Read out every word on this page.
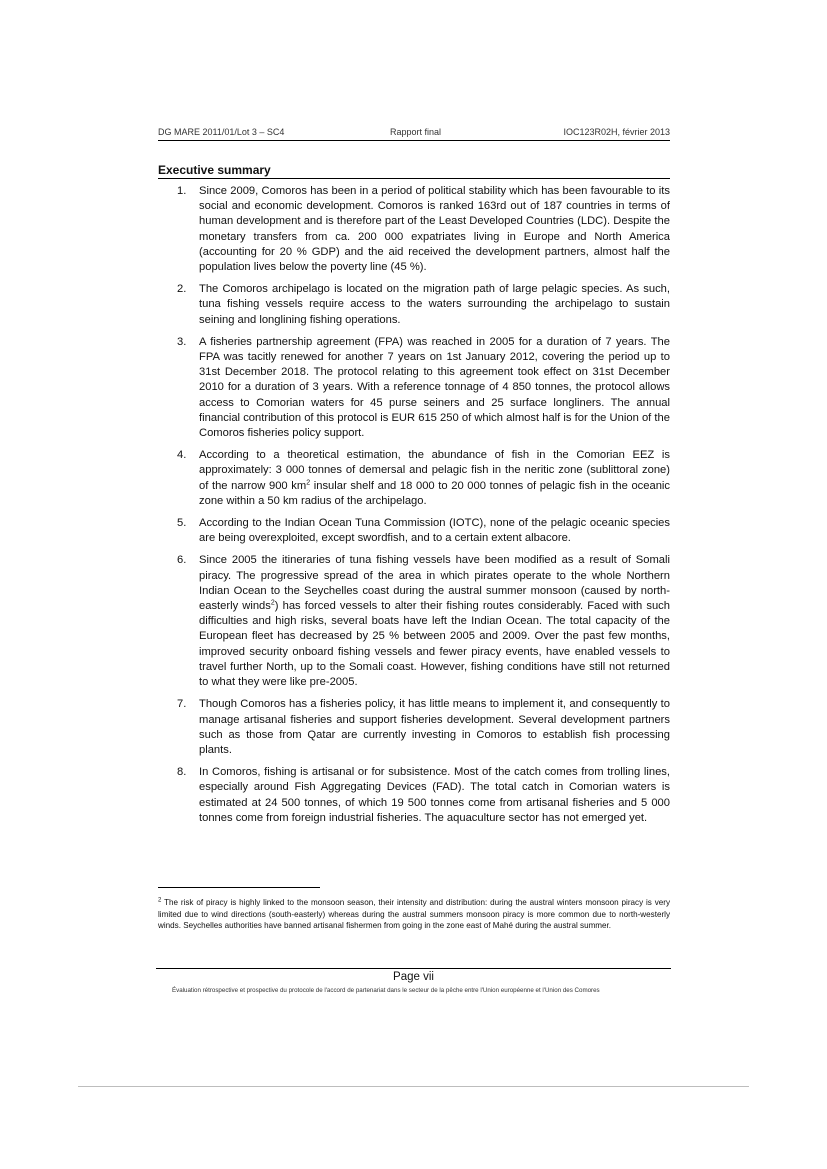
DG MARE 2011/01/Lot 3 – SC4	Rapport final	IOC123R02H, février 2013
Executive summary
1. Since 2009, Comoros has been in a period of political stability which has been favourable to its social and economic development. Comoros is ranked 163rd out of 187 countries in terms of human development and is therefore part of the Least Developed Countries (LDC). Despite the monetary transfers from ca. 200 000 expatriates living in Europe and North America (accounting for 20 % GDP) and the aid received the development partners, almost half the population lives below the poverty line (45 %).
2. The Comoros archipelago is located on the migration path of large pelagic species. As such, tuna fishing vessels require access to the waters surrounding the archipelago to sustain seining and longlining fishing operations.
3. A fisheries partnership agreement (FPA) was reached in 2005 for a duration of 7 years. The FPA was tacitly renewed for another 7 years on 1st January 2012, covering the period up to 31st December 2018. The protocol relating to this agreement took effect on 31st December 2010 for a duration of 3 years. With a reference tonnage of 4 850 tonnes, the protocol allows access to Comorian waters for 45 purse seiners and 25 surface longliners. The annual financial contribution of this protocol is EUR 615 250 of which almost half is for the Union of the Comoros fisheries policy support.
4. According to a theoretical estimation, the abundance of fish in the Comorian EEZ is approximately: 3 000 tonnes of demersal and pelagic fish in the neritic zone (sublittoral zone) of the narrow 900 $km^2$ insular shelf and 18 000 to 20 000 tonnes of pelagic fish in the oceanic zone within a 50 km radius of the archipelago.
5. According to the Indian Ocean Tuna Commission (IOTC), none of the pelagic oceanic species are being overexploited, except swordfish, and to a certain extent albacore.
6. Since 2005 the itineraries of tuna fishing vessels have been modified as a result of Somali piracy. The progressive spread of the area in which pirates operate to the whole Northern Indian Ocean to the Seychelles coast during the austral summer monsoon (caused by north-easterly winds$^2$) has forced vessels to alter their fishing routes considerably. Faced with such difficulties and high risks, several boats have left the Indian Ocean. The total capacity of the European fleet has decreased by 25 % between 2005 and 2009. Over the past few months, improved security onboard fishing vessels and fewer piracy events, have enabled vessels to travel further North, up to the Somali coast. However, fishing conditions have still not returned to what they were like pre-2005.
7. Though Comoros has a fisheries policy, it has little means to implement it, and consequently to manage artisanal fisheries and support fisheries development. Several development partners such as those from Qatar are currently investing in Comoros to establish fish processing plants.
8. In Comoros, fishing is artisanal or for subsistence. Most of the catch comes from trolling lines, especially around Fish Aggregating Devices (FAD). The total catch in Comorian waters is estimated at 24 500 tonnes, of which 19 500 tonnes come from artisanal fisheries and 5 000 tonnes come from foreign industrial fisheries. The aquaculture sector has not emerged yet.
$^2$ The risk of piracy is highly linked to the monsoon season, their intensity and distribution: during the austral winters monsoon piracy is very limited due to wind directions (south-easterly) whereas during the austral summers monsoon piracy is more common due to north-westerly winds. Seychelles authorities have banned artisanal fishermen from going in the zone east of Mahé during the austral summer.
Page vii
Évaluation rétrospective et prospective du protocole de l'accord de partenariat dans le secteur de la pêche entre l'Union européenne et l'Union des Comores
